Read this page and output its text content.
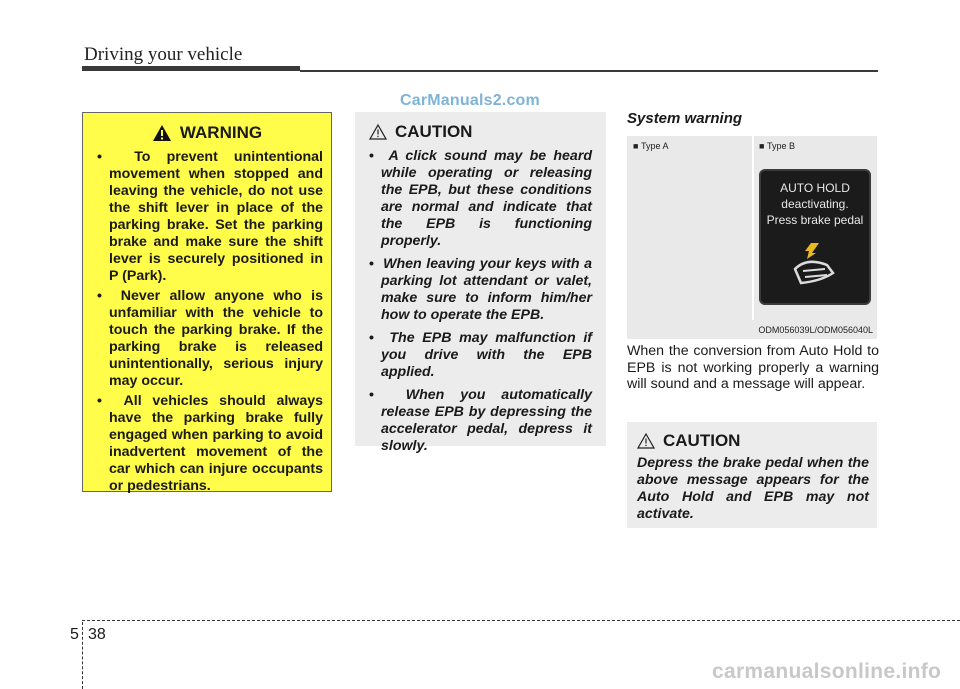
Driving your vehicle
CarManuals2.com
WARNING
•  To prevent unintentional movement when stopped and leaving the vehicle, do not use the shift lever in place of the parking brake. Set the parking brake and make sure the shift lever is securely positioned in P (Park).
•  Never allow anyone who is unfamiliar with the vehicle to touch the parking brake. If the parking brake is released unintentionally, serious injury may occur.
•  All vehicles should always have the parking brake fully engaged when parking to avoid inadvertent movement of the car which can injure occupants or pedestrians.
CAUTION
•  A click sound may be heard while operating or releasing the EPB, but these conditions are normal and indicate that the EPB is functioning properly.
•  When leaving your keys with a parking lot attendant or valet, make sure to inform him/her how to operate the EPB.
•  The EPB may malfunction if you drive with the EPB applied.
•  When you automatically release EPB by depressing the accelerator pedal, depress it slowly.
System warning
■ Type A
■	Type B
AUTO HOLD
deactivating.
Press brake pedal
ODM056039L/ODM056040L
When the conversion from Auto Hold to EPB is not working properly a warning will sound and a message will appear.
CAUTION
Depress the brake pedal when the above message appears for the Auto Hold and EPB may not activate.
5 38
carmanualsonline.info
